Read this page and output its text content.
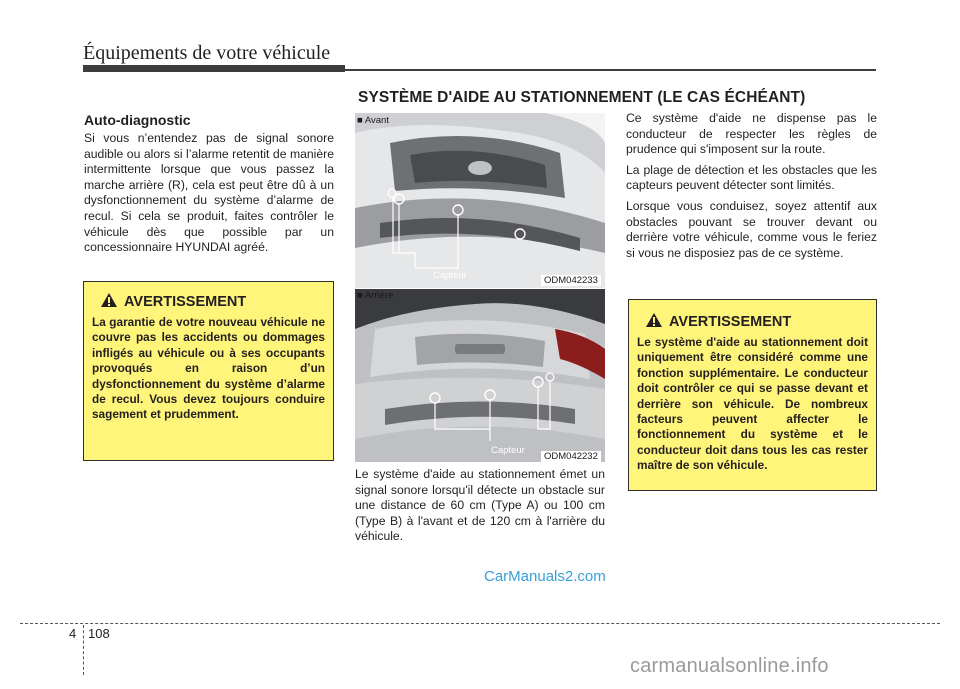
Équipements de votre véhicule
SYSTÈME D'AIDE AU STATIONNEMENT (LE CAS ÉCHÉANT)
Auto-diagnostic

Si vous n’entendez pas de signal sonore audible ou alors si l’alarme retentit de manière intermittente lorsque que vous passez la marche arrière (R), cela est peut être dû à un dysfonctionnement du système d’alarme de recul. Si cela se produit, faites contrôler le véhicule dès que possible par un concessionnaire HYUNDAI agréé.

AVERTISSEMENT
La garantie de votre nouveau véhicule ne couvre pas les accidents ou dommages infligés au véhicule ou à ses occupants provoqués en raison d’un dysfonctionnement du système d’alarme de recul. Vous devez toujours conduire sagement et prudemment.
■ Avant
Capteur	ODM042233
■ Arrière
Capteur
ODM042232

Le système d'aide au stationnement émet un signal sonore lorsqu'il détecte un obstacle sur une distance de 60 cm (Type A) ou 100 cm (Type B) à l'avant et de 120 cm à l'arrière du véhicule.

Ce système d'aide ne dispense pas le conducteur de respecter les règles de prudence qui s'imposent sur la route.

La plage de détection et les obstacles que les capteurs peuvent détecter sont limités.

Lorsque vous conduisez, soyez attentif aux obstacles pouvant se trouver devant ou derrière votre véhicule, comme vous le feriez si vous ne disposiez pas de ce système.

AVERTISSEMENT
Le système d'aide au stationnement doit uniquement être considéré comme une fonction supplémentaire. Le conducteur doit contrôler ce qui se passe devant et derrière son véhicule. De nombreux facteurs peuvent affecter le fonctionnement du système et le conducteur doit dans tous les cas rester maître de son véhicule.
CarManuals2.com
4 108
carmanualsonline.info
